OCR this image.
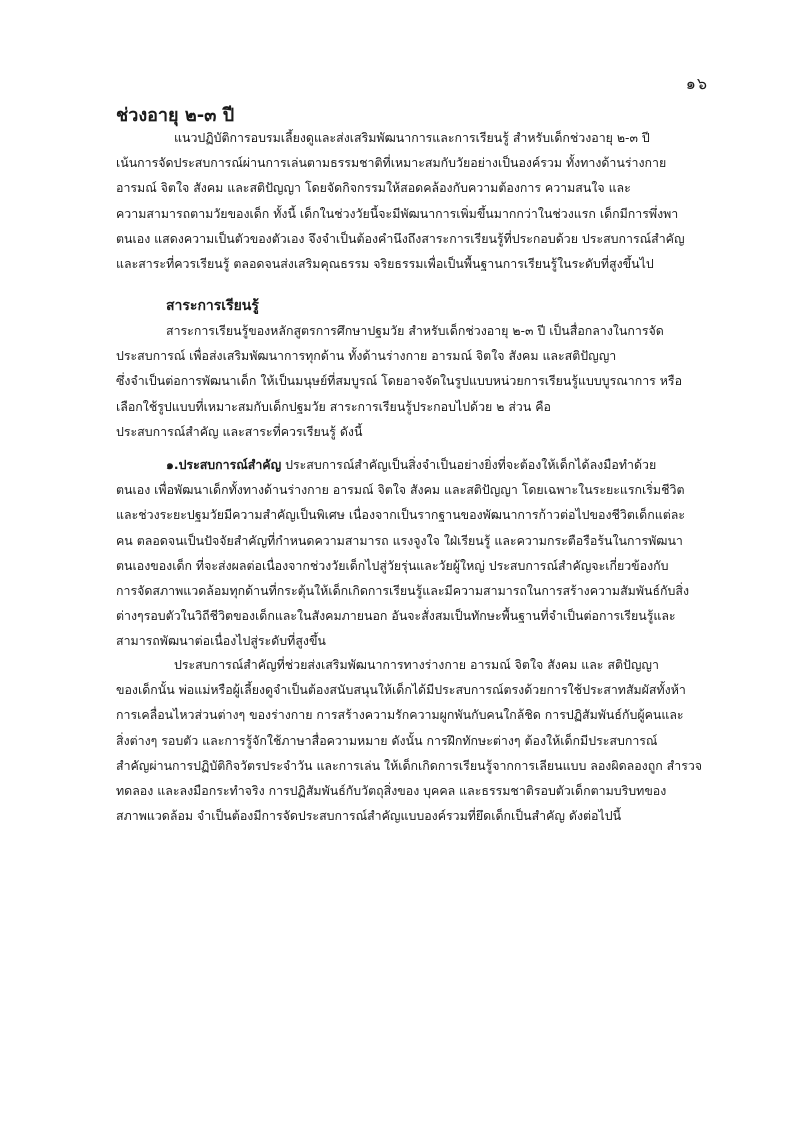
๑๖
ช่วงอายุ ๒-๓ ปี
แนวปฏิบัติการอบรมเลี้ยงดูและส่งเสริมพัฒนาการและการเรียนรู้ สำหรับเด็กช่วงอายุ ๒-๓ ปี
เน้นการจัดประสบการณ์ผ่านการเล่นตามธรรมชาติที่เหมาะสมกับวัยอย่างเป็นองค์รวม ทั้งทางด้านร่างกาย
อารมณ์ จิตใจ สังคม และสติปัญญา โดยจัดกิจกรรมให้สอดคล้องกับความต้องการ ความสนใจ และ
ความสามารถตามวัยของเด็ก ทั้งนี้ เด็กในช่วงวัยนี้จะมีพัฒนาการเพิ่มขึ้นมากกว่าในช่วงแรก เด็กมีการพึ่งพา
ตนเอง แสดงความเป็นตัวของตัวเอง จึงจำเป็นต้องคำนึงถึงสาระการเรียนรู้ที่ประกอบด้วย ประสบการณ์สำคัญ
และสาระที่ควรเรียนรู้ ตลอดจนส่งเสริมคุณธรรม จริยธรรมเพื่อเป็นพื้นฐานการเรียนรู้ในระดับที่สูงขึ้นไป
สาระการเรียนรู้
สาระการเรียนรู้ของหลักสูตรการศึกษาปฐมวัย สำหรับเด็กช่วงอายุ ๒-๓ ปี เป็นสื่อกลางในการจัด
ประสบการณ์ เพื่อส่งเสริมพัฒนาการทุกด้าน ทั้งด้านร่างกาย อารมณ์ จิตใจ สังคม และสติปัญญา
ซึ่งจำเป็นต่อการพัฒนาเด็ก ให้เป็นมนุษย์ที่สมบูรณ์ โดยอาจจัดในรูปแบบหน่วยการเรียนรู้แบบบูรณาการ หรือ
เลือกใช้รูปแบบที่เหมาะสมกับเด็กปฐมวัย สาระการเรียนรู้ประกอบไปด้วย ๒ ส่วน คือ
ประสบการณ์สำคัญ และสาระที่ควรเรียนรู้ ดังนี้
๑.ประสบการณ์สำคัญ ประสบการณ์สำคัญเป็นสิ่งจำเป็นอย่างยิ่งที่จะต้องให้เด็กได้ลงมือทำด้วย
ตนเอง เพื่อพัฒนาเด็กทั้งทางด้านร่างกาย อารมณ์ จิตใจ สังคม และสติปัญญา โดยเฉพาะในระยะแรกเริ่มชีวิต
และช่วงระยะปฐมวัยมีความสำคัญเป็นพิเศษ เนื่องจากเป็นรากฐานของพัฒนาการก้าวต่อไปของชีวิตเด็กแต่ละ
คน ตลอดจนเป็นปัจจัยสำคัญที่กำหนดความสามารถ แรงจูงใจ ใฝ่เรียนรู้ และความกระตือรือร้นในการพัฒนา
ตนเองของเด็ก ที่จะส่งผลต่อเนื่องจากช่วงวัยเด็กไปสู่วัยรุ่นและวัยผู้ใหญ่ ประสบการณ์สำคัญจะเกี่ยวข้องกับ
การจัดสภาพแวดล้อมทุกด้านที่กระตุ้นให้เด็กเกิดการเรียนรู้และมีความสามารถในการสร้างความสัมพันธ์กับสิ่ง
ต่างๆรอบตัวในวิถีชีวิตของเด็กและในสังคมภายนอก อันจะสั่งสมเป็นทักษะพื้นฐานที่จำเป็นต่อการเรียนรู้และ
สามารถพัฒนาต่อเนื่องไปสู่ระดับที่สูงขึ้น
ประสบการณ์สำคัญที่ช่วยส่งเสริมพัฒนาการทางร่างกาย อารมณ์ จิตใจ สังคม และ สติปัญญา
ของเด็กนั้น พ่อแม่หรือผู้เลี้ยงดูจำเป็นต้องสนับสนุนให้เด็กได้มีประสบการณ์ตรงด้วยการใช้ประสาทสัมผัสทั้งห้า
การเคลื่อนไหวส่วนต่างๆ ของร่างกาย การสร้างความรักความผูกพันกับคนใกล้ชิด การปฏิสัมพันธ์กับผู้คนและ
สิ่งต่างๆ รอบตัว และการรู้จักใช้ภาษาสื่อความหมาย ดังนั้น การฝึกทักษะต่างๆ ต้องให้เด็กมีประสบการณ์
สำคัญผ่านการปฏิบัติกิจวัตรประจำวัน และการเล่น ให้เด็กเกิดการเรียนรู้จากการเลียนแบบ ลองผิดลองถูก สำรวจ
ทดลอง และลงมือกระทำจริง การปฏิสัมพันธ์กับวัตถุสิ่งของ บุคคล และธรรมชาติรอบตัวเด็กตามบริบทของ
สภาพแวดล้อม จำเป็นต้องมีการจัดประสบการณ์สำคัญแบบองค์รวมที่ยึดเด็กเป็นสำคัญ ดังต่อไปนี้
